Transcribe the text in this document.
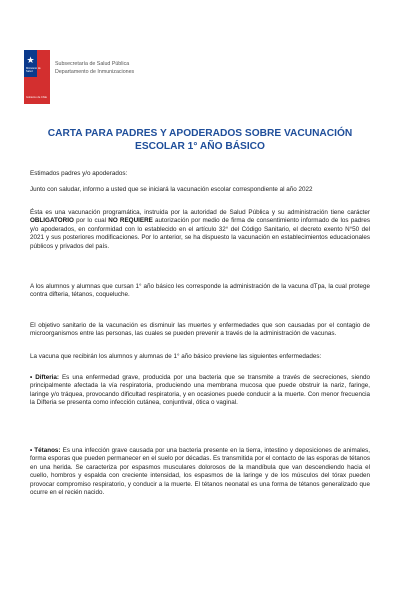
★
Ministerio de Salud
Gobierno de Chile
Subsecretaría de Salud Pública
Departamento de Inmunizaciones
CARTA PARA PADRES Y APODERADOS SOBRE VACUNACIÓN
ESCOLAR 1° AÑO BÁSICO
Estimados padres y/o apoderados:
Junto con saludar, informo a usted que se iniciará la vacunación escolar correspondiente al año 2022
Ésta es una vacunación programática, instruida por la autoridad de Salud Pública y su administración tiene carácter OBLIGATORIO por lo cual NO REQUIERE autorización por medio de firma de consentimiento informado de los padres y/o apoderados, en conformidad con lo establecido en el artículo 32° del Código Sanitario, el decreto exento N°50 del 2021 y sus posteriores modificaciones. Por lo anterior, se ha dispuesto la vacunación en establecimientos educacionales públicos y privados del país.
A los alumnos y alumnas que cursan 1° año básico les corresponde la administración de la vacuna dTpa, la cual protege contra difteria, tétanos, coqueluche.
El objetivo sanitario de la vacunación es disminuir las muertes y enfermedades que son causadas por el contagio de microorganismos entre las personas, las cuales se pueden prevenir a través de la administración de vacunas.
La vacuna que recibirán los alumnos y alumnas de 1° año básico previene las siguientes enfermedades:
• Difteria: Es una enfermedad grave, producida por una bacteria que se transmite a través de secreciones, siendo principalmente afectada la vía respiratoria, produciendo una membrana mucosa que puede obstruir la nariz, faringe, laringe y/o tráquea, provocando dificultad respiratoria, y en ocasiones puede conducir a la muerte. Con menor frecuencia la Difteria se presenta como infección cutánea, conjuntival, ótica o vaginal.
• Tétanos: Es una infección grave causada por una bacteria presente en la tierra, intestino y deposiciones de animales, forma esporas que pueden permanecer en el suelo por décadas. Es transmitida por el contacto de las esporas de tétanos en una herida. Se caracteriza por espasmos musculares dolorosos de la mandíbula que van descendiendo hacia el cuello, hombros y espalda con creciente intensidad, los espasmos de la laringe y de los músculos del tórax pueden provocar compromiso respiratorio, y conducir a la muerte. El tétanos neonatal es una forma de tétanos generalizado que ocurre en el recién nacido.
